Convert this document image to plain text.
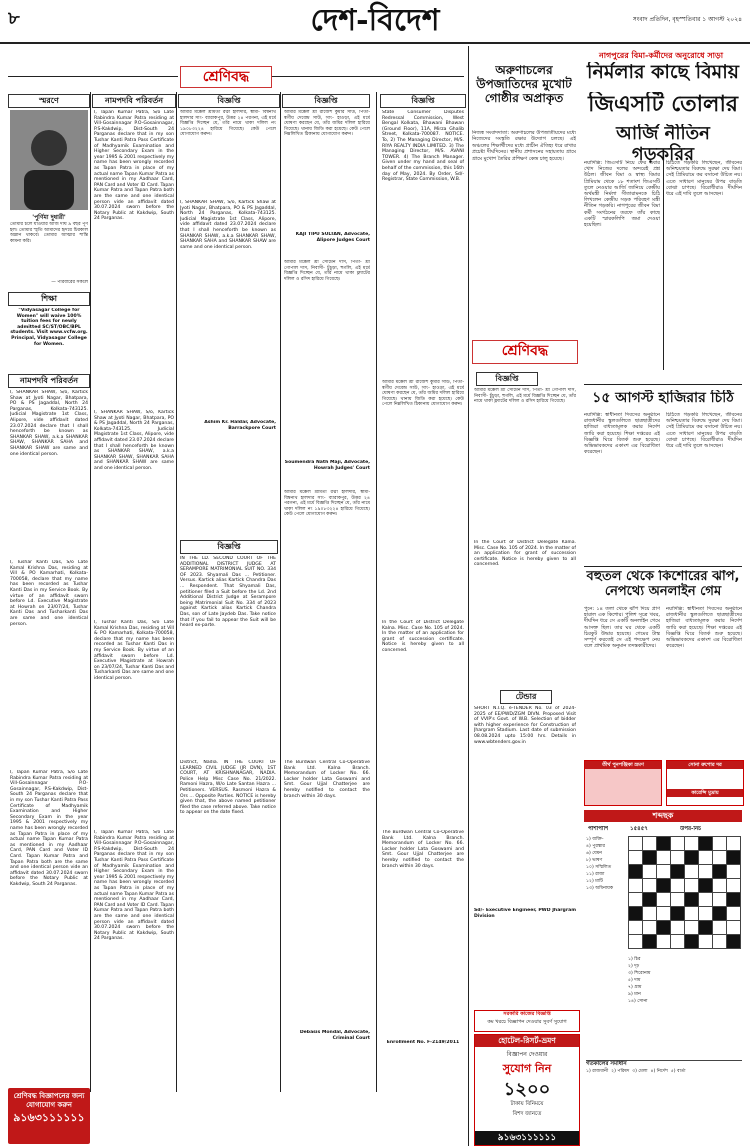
৮	দেশ-বিদেশ	সংবাদ প্রতিদিন, বৃহস্পতিবার ১ আগস্ট ২০২৪
শ্রেণিবদ্ধ
স্মরণে	নামপদবি পরিবর্তন	বিজ্ঞপ্তি	বিজ্ঞপ্তি	বিজ্ঞপ্তি
'পুর্ণিমা দুধারী'
তোমার চলে যাওয়ার আজ দীর্ঘ ৯ বছর পূর্ণ হল। তোমার স্মৃতি আমাদের হৃদয়ে চিরকাল অম্লান থাকবে। তোমার আত্মার শান্তি কামনা করি।
— পরিবারের সকলে
শিক্ষা
"Vidyasagar College for Women" will waive 100% tuition fees for newly admitted SC/ST/OBC/BPL students. Visit www.vcfw.org. Principal, Vidyasagar College for Women.
নামপদবি পরিবর্তন
I, SHANKAR SHAW, S/o, Kartick Shaw at Jyoti Nagar, Bhatpara, PO & PS Jagaddal, North 24 Parganas, Kolkata-743125. Judicial Magistrate 1st Class, Alipore, vide affidavit dated 23.07.2024 declare that I shall henceforth be known as SHANKAR SHAW, a.k.a SHANKAR SHAW, SHANKAR SAHA and SHANKAR SHAW are same and one identical person.
I, Tushar Kanti Das, S/o Late Kamal Krishna Das, residing at Vill & PO Kamarhati, Kolkata-700058, declare that my name has been recorded as Tushar Kanti Das in my Service Book. By virtue of an affidavit sworn before Ld. Executive Magistrate at Howrah on 23/07/24, Tushar Kanti Das and Tusharkanti Das are same and one identical person.
I, Tapan Kumar Patra, S/o Late Rabindra Kumar Patra residing at Vill-Gosainnagar P.O-Gosainnagar, P.S-Kakdwip, Dist-South 24 Parganas declare that in my son Tushar Kanti Patra Pass Certificate of Madhyamik Examination and Higher Secondary Exam in the year 1995 & 2001 respectively my name has been wrongly recorded as Tapan Patra in place of my actual name Tapan Kumar Patra as mentioned in my Aadhaar Card, PAN Card and Voter ID Card. Tapan Kumar Patra and Tapan Patra both are the same and one identical person vide an affidavit dated 30.07.2024 sworn before the Notary Public at Kakdwip, South 24 Parganas.
I, Tapan Kumar Patra, S/o Late Rabindra Kumar Patra residing at Vill-Gosainnagar P.O-Gosainnagar, P.S-Kakdwip, Dist-South 24 Parganas declare that in my son Tushar Kanti Patra Pass Certificate of Madhyamik Examination and Higher Secondary Exam in the year 1995 & 2001 respectively my name has been wrongly recorded as Tapan Patra in place of my actual name Tapan Kumar Patra as mentioned in my Aadhaar Card, PAN Card and Voter ID Card. Tapan Kumar Patra and Tapan Patra both are the same and one identical person vide an affidavit dated 30.07.2024 sworn before the Notary Public at Kakdwip, South 24 Parganas.
I, SHANKAR SHAW, S/o, Kartick Shaw at Jyoti Nagar, Bhatpara, PO & PS Jagaddal, North 24 Parganas, Kolkata-743125. Judicial Magistrate 1st Class, Alipore, vide affidavit dated 23.07.2024 declare that I shall henceforth be known as SHANKAR SHAW, a.k.a SHANKAR SHAW, SHANKAR SAHA and SHANKAR SHAW are same and one identical person.
I, Tushar Kanti Das, S/o Late Kamal Krishna Das, residing at Vill & PO Kamarhati, Kolkata-700058, declare that my name has been recorded as Tushar Kanti Das in my Service Book. By virtue of an affidavit sworn before Ld. Executive Magistrate at Howrah on 23/07/24, Tushar Kanti Das and Tusharkanti Das are same and one identical person.
I, Tapan Kumar Patra, S/o Late Rabindra Kumar Patra residing at Vill-Gosainnagar P.O-Gosainnagar, P.S-Kakdwip, Dist-South 24 Parganas declare that in my son Tushar Kanti Patra Pass Certificate of Madhyamik Examination and Higher Secondary Exam in the year 1995 & 2001 respectively my name has been wrongly recorded as Tapan Patra in place of my actual name Tapan Kumar Patra as mentioned in my Aadhaar Card, PAN Card and Voter ID Card. Tapan Kumar Patra and Tapan Patra both are the same and one identical person vide an affidavit dated 30.07.2024 sworn before the Notary Public at Kakdwip, South 24 Parganas.
আমার মক্কেল শ্রীমতী রত্না হালদার, স্বামী- বিশ্বনাথ হালদার সাং- ব্যারাকপুর, উত্তর ২৪ পরগনা, এই মর্মে বিজ্ঞপ্তি দিচ্ছেন যে, তাঁর নামে থাকা দলিল নং ১৯০৮৩২২৪ হারিয়ে গিয়েছে। কেউ পেলে যোগাযোগ করুন।
I, SHANKAR SHAW, S/o, Kartick Shaw at Jyoti Nagar, Bhatpara, PO & PS Jagaddal, North 24 Parganas, Kolkata-743125. Judicial Magistrate 1st Class, Alipore, vide affidavit dated 23.07.2024 declare that I shall henceforth be known as SHANKAR SHAW, a.k.a SHANKAR SHAW, SHANKAR SAHA and SHANKAR SHAW are same and one identical person.
Ashim Kr. Haldar, Advocate, Barrackpore Court
বিজ্ঞপ্তি
IN THE LD. SECOND COURT OF THE ADDITIONAL DISTRICT JUDGE AT SERAMPORE MATRIMONIAL SUIT NO. 334 OF 2023. Shyamali Das ... Petitioner. Versus. Kartick alias Kartick Chandra Das ... Respondent. That Shyamali Das, petitioner filed a Suit before the Ld. 2nd Additional District Judge at Serampore being Matrimonial Suit No. 334 of 2023 against Kartick alias Kartick Chandra Das, son of Late Jaydeb Das. Take notice that if you fail to appear the Suit will be heard ex-parte.
District, Nadia. IN THE COURT OF LEARNED CIVIL JUDGE (JR DVN), 1ST COURT, AT KRISHNANAGAR, NADIA. Police Help Misc Case No. 21/2022. Ramoni Hazra, W/o Late Santan Hazra ... Petitioners. VERSUS. Rasmoni Hazra & Ors ... Opposite Parties. NOTICE is hereby given that, the above named petitioner filed the case referred above. Take notice to appear on the date fixed.
আমার মক্কেল শ্রী রাজেশ কুমার সাউ, পিতা- স্বর্গীয় দেবেন্দ্র সাউ, সাং- হাওড়া, এই মর্মে ঘোষণা করছেন যে, তাঁর জমির দলিল হারিয়ে গিয়েছে। থানায় জিডি করা হয়েছে। কেউ পেলে নিম্নলিখিত ঠিকানায় যোগাযোগ করুন।
KAJI TIPU SULTAN, Advocate, Alipore Judges Court
আমার মক্কেল শ্রী সৌমেন দাস, পিতা- শ্রী গোপাল দাস, নিবাসী- চুঁচুড়া, হুগলি, এই মর্মে বিজ্ঞপ্তি দিচ্ছেন যে, তাঁর নামে থাকা ফ্ল্যাটের দলিল ও রসিদ হারিয়ে গিয়েছে।
Soumendra Nath Maji, Advocate, Howrah Judges' Court
আমার মক্কেল শ্রীমতী রত্না হালদার, স্বামী- বিশ্বনাথ হালদার সাং- ব্যারাকপুর, উত্তর ২৪ পরগনা, এই মর্মে বিজ্ঞপ্তি দিচ্ছেন যে, তাঁর নামে থাকা দলিল নং ১৯০৮৩২২৪ হারিয়ে গিয়েছে। কেউ পেলে যোগাযোগ করুন।
The Burdwan Central Co-Operative Bank Ltd. Kalna Branch. Memorandum of Locker No. 66. Locker holder Lata Goswami and Smt. Gour Ujjal Chatterjee are hereby notified to contact the branch within 30 days.
Debasis Mondal, Advocate, Criminal Court
State Consumer Disputes Redressal Commission, West Bengal Kolkata, Bhawani Bhawan (Ground Floor), 11A, Mirza Ghalib Street, Kolkata-700087. NOTICE. To, 2) The Managing Director, M/S. RIYA REALTY INDIA LIMITED. 3) The Managing Director, M/S. AVANI TOWER. 4) The Branch Manager. Given under my hand and seal of behalf of the commission, this 16th day of May, 2024. By Order, Sd/- Registrar, State Commission, W.B.
আমার মক্কেল শ্রী রাজেশ কুমার সাউ, পিতা- স্বর্গীয় দেবেন্দ্র সাউ, সাং- হাওড়া, এই মর্মে ঘোষণা করছেন যে, তাঁর জমির দলিল হারিয়ে গিয়েছে। থানায় জিডি করা হয়েছে। কেউ পেলে নিম্নলিখিত ঠিকানায় যোগাযোগ করুন।
In the Court of District Delegate Kalna. Misc. Case No. 105 of 2024. In the matter of an application for grant of succession certificate. Notice is hereby given to all concerned.
The Burdwan Central Co-Operative Bank Ltd. Kalna Branch. Memorandum of Locker No. 66. Locker holder Lata Goswami and Smt. Gour Ujjal Chatterjee are hereby notified to contact the branch within 30 days.
Enrollment No. F-2149/2011
শ্রেণিবদ্ধ বিজ্ঞাপনের জন্য যোগাযোগ করুন
৯১৬৩১১১১১১
অরুণাচলের উপজাতিদের মুখোট গোষ্ঠীর অপ্রাকৃত
নিজস্ব সংবাদদাতা: অরুণাচলের উপজাতীয়দের মধ্যে নিজেদের সংস্কৃতি রক্ষার উদ্যোগ চলছে। এই অঞ্চলের শিক্ষার্থীদের মধ্যে প্রাচীন ঐতিহ্য ধরে রাখার প্রচেষ্টা দীর্ঘদিনের। স্থানীয় প্রশাসনের সহায়তায় গ্রামে গ্রামে মুখোশ তৈরির প্রশিক্ষণ কেন্দ্র চালু হয়েছে।
শ্রেণিবদ্ধ
বিজ্ঞপ্তি
আমার মক্কেল শ্রী সৌমেন দাস, পিতা- শ্রী গোপাল দাস, নিবাসী- চুঁচুড়া, হুগলি, এই মর্মে বিজ্ঞপ্তি দিচ্ছেন যে, তাঁর নামে থাকা ফ্ল্যাটের দলিল ও রসিদ হারিয়ে গিয়েছে।
In the Court of District Delegate Kalna. Misc. Case No. 105 of 2024. In the matter of an application for grant of succession certificate. Notice is hereby given to all concerned.
টেন্ডার
SHORT N.I.Q. e-TENDER No. 03 of 2024-2025 of EE/PWD/ZGM DIVN. Proposed Visit of VVIP's Govt. of W.B. Selection of bidder with higher experience for Construction of Jhargram Stadium. Last date of submission 08.08.2024 upto 15:00 hrs. Details in www.wbtenders.gov.in
Sd/- Executive Engineer, PWD Jhargram Division
সরকারি কাজের বিজ্ঞপ্তি
কম খরচে বিজ্ঞাপন দেওয়ার সুবর্ণ সুযোগ
হোটেল-রিসর্ট-ভ্রমণ
বিজ্ঞাপন দেওয়ার
সুযোগ নিন
১২০০
টাকায় বিনিময়ে
বিশদ জানতে
৯১৬৩১১১১১১
নাগপুরের বিমা-কর্মীদের অনুরোধে সাড়া
নির্মলার কাছে বিমায়
জিএসটি তোলার
আর্জি নীতিন গড়করির
নয়াদিল্লি: জিএসটি নিয়ে ফের এবার খোদ নিজের দলের অন্দরেই প্রশ্ন উঠল। জীবন বিমা ও স্বাস্থ্য বিমার প্রিমিয়াম থেকে ১৮ শতাংশ জিএসটি তুলে নেওয়ার আর্জি জানিয়ে কেন্দ্রীয় অর্থমন্ত্রী নির্মলা সীতারামনকে চিঠি লিখলেন কেন্দ্রীয় সড়ক পরিবহণ মন্ত্রী নীতিন গড়করি। নাগপুরের জীবন বিমা কর্মী সংগঠনের তরফে তাঁর কাছে একটি স্মারকলিপি জমা দেওয়া হয়েছিল।
চিঠিতে গড়করি লিখেছেন, জীবনের অনিশ্চয়তার বিরুদ্ধে সুরক্ষা দেয় বিমা। সেই প্রিমিয়ামে কর বসানো উচিত নয়। এতে সাধারণ মানুষের উপর বাড়তি বোঝা চাপছে। বিরোধীরাও দীর্ঘদিন ধরে এই দাবি তুলে আসছেন।
১৫ আগস্ট হাজিরার চিঠি
নয়াদিল্লি: স্বাধীনতা দিবসের অনুষ্ঠানে রাজধানীর স্কুলগুলিতে ছাত্রছাত্রীদের হাজিরা বাধ্যতামূলক করার নির্দেশ জারি করা হয়েছে। শিক্ষা দপ্তরের এই বিজ্ঞপ্তি ঘিরে বিতর্ক শুরু হয়েছে। অভিভাবকদের একাংশ এর বিরোধিতা করেছেন।
চিঠিতে গড়করি লিখেছেন, জীবনের অনিশ্চয়তার বিরুদ্ধে সুরক্ষা দেয় বিমা। সেই প্রিমিয়ামে কর বসানো উচিত নয়। এতে সাধারণ মানুষের উপর বাড়তি বোঝা চাপছে। বিরোধীরাও দীর্ঘদিন ধরে এই দাবি তুলে আসছেন।
বহুতল থেকে কিশোরের ঝাঁপ, নেপথ্যে অনলাইন গেম
পুনে: ১৪ তলা থেকে ঝাঁপ দিয়ে প্রাণ হারাল এক কিশোর। পুলিশ সূত্রে খবর, দীর্ঘদিন ধরে সে একটি অনলাইন গেমে আসক্ত ছিল। তার ঘর থেকে একটি চিরকুট উদ্ধার হয়েছে। গেমের টাস্ক সম্পূর্ণ করতেই সে এই পদক্ষেপ নেয় বলে প্রাথমিক অনুমান তদন্তকারীদের।
নয়াদিল্লি: স্বাধীনতা দিবসের অনুষ্ঠানে রাজধানীর স্কুলগুলিতে ছাত্রছাত্রীদের হাজিরা বাধ্যতামূলক করার নির্দেশ জারি করা হয়েছে। শিক্ষা দপ্তরের এই বিজ্ঞপ্তি ঘিরে বিতর্ক শুরু হয়েছে। অভিভাবকদের একাংশ এর বিরোধিতা করেছেন।
তীর্থ পুনপঞ্জিকা ভ্রমণ	সোনা রুপোর দর
কারেন্সি মুদ্রায়
শব্দছক
পাশাপাশি	উপর-নিচ
১৫৪৫৭
১) ব্যক্তি-
৪) পুরস্কার
৬) যেমন
৮) ভাষণ
১০) সম্মিলিত
১১) রাজা
১২) মাটি
১৩) অধিনায়ক

১) চির
২) দৃঢ়
৩) শিরোনাম
৫) দাম
৭) গ্রাম
৯) মান
১৪) সোনা
গতকালের সমাধান
১) রাজধানী ২) পরিষদ ৩) মেলা ৪) নির্দেশ ৫) বার্তা
